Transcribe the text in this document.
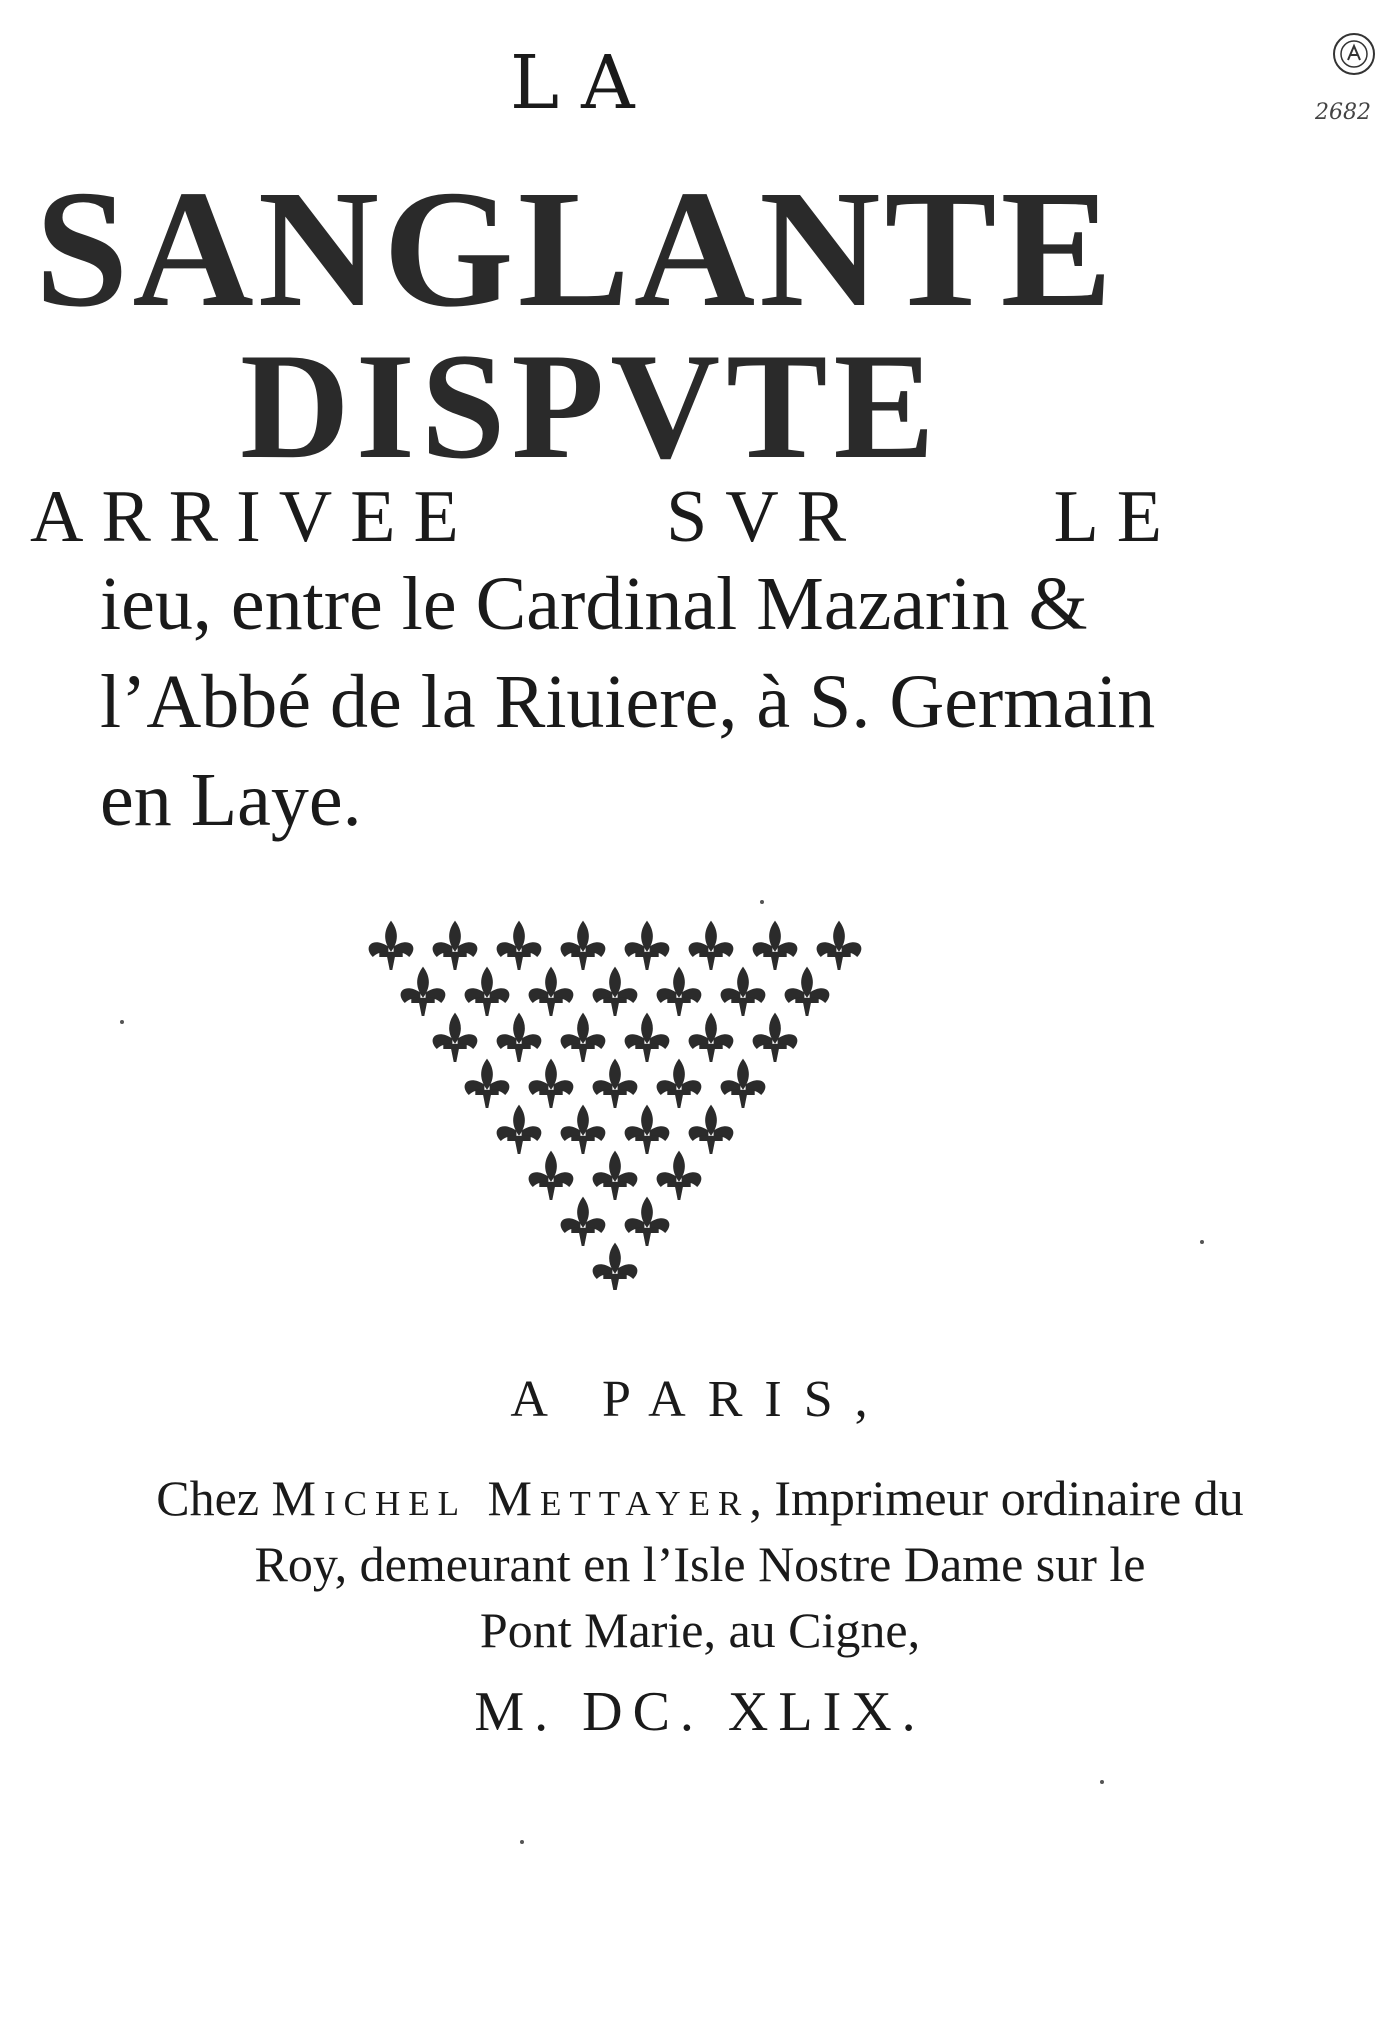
LA
SANGLANTE
DISPVTE
ARRIVEE	SVR	LE
ieu, entre le Cardinal Mazarin &
l’Abbé de la Riuiere, à S. Germain
en Laye.
A PARIS,
Chez Michel Mettayer, Imprimeur ordinaire du
Roy, demeurant en l’Isle Nostre Dame sur le
Pont Marie, au Cigne,
M. DC. XLIX.
2682
